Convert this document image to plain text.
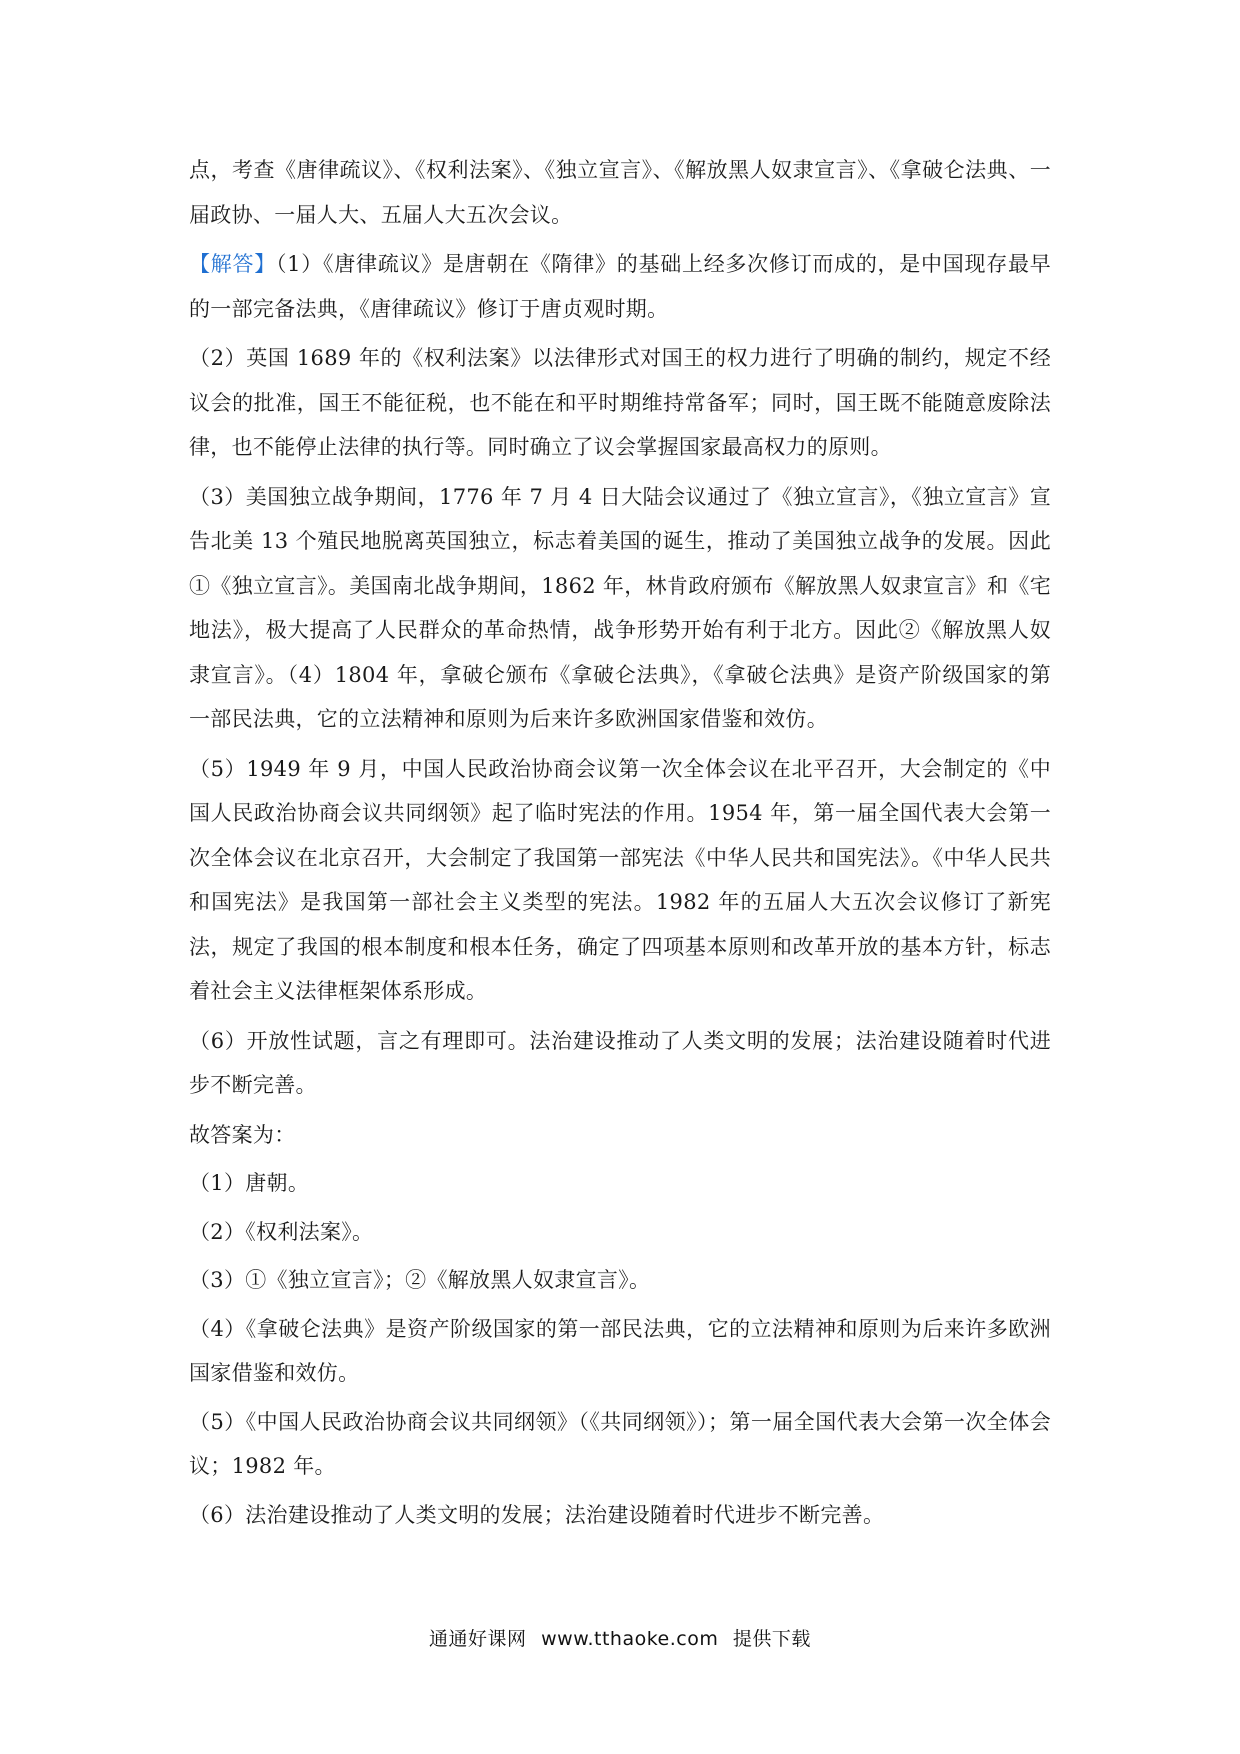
点，考查《唐律疏议》、《权利法案》、《独立宣言》、《解放黑人奴隶宣言》、《拿破仑法典、一届政协、一届人大、五届人大五次会议。

【解答】（1）《唐律疏议》是唐朝在《隋律》的基础上经多次修订而成的，是中国现存最早的一部完备法典，《唐律疏议》修订于唐贞观时期。

（2）英国 1689 年的《权利法案》以法律形式对国王的权力进行了明确的制约，规定不经议会的批准，国王不能征税，也不能在和平时期维持常备军；同时，国王既不能随意废除法律，也不能停止法律的执行等。同时确立了议会掌握国家最高权力的原则。

（3）美国独立战争期间，1776 年 7 月 4 日大陆会议通过了《独立宣言》，《独立宣言》宣告北美 13 个殖民地脱离英国独立，标志着美国的诞生，推动了美国独立战争的发展。因此①《独立宣言》。美国南北战争期间，1862 年，林肯政府颁布《解放黑人奴隶宣言》和《宅地法》，极大提高了人民群众的革命热情，战争形势开始有利于北方。因此②《解放黑人奴隶宣言》。（4）1804 年，拿破仑颁布《拿破仑法典》，《拿破仑法典》是资产阶级国家的第一部民法典，它的立法精神和原则为后来许多欧洲国家借鉴和效仿。

（5）1949 年 9 月，中国人民政治协商会议第一次全体会议在北平召开，大会制定的《中国人民政治协商会议共同纲领》起了临时宪法的作用。1954 年，第一届全国代表大会第一次全体会议在北京召开，大会制定了我国第一部宪法《中华人民共和国宪法》。《中华人民共和国宪法》是我国第一部社会主义类型的宪法。1982 年的五届人大五次会议修订了新宪法，规定了我国的根本制度和根本任务，确定了四项基本原则和改革开放的基本方针，标志着社会主义法律框架体系形成。

（6）开放性试题，言之有理即可。法治建设推动了人类文明的发展；法治建设随着时代进步不断完善。

故答案为：

（1）唐朝。

（2）《权利法案》。

（3）①《独立宣言》；②《解放黑人奴隶宣言》。

（4）《拿破仑法典》是资产阶级国家的第一部民法典，它的立法精神和原则为后来许多欧洲国家借鉴和效仿。

（5）《中国人民政治协商会议共同纲领》（《共同纲领》）；第一届全国代表大会第一次全体会议；1982 年。

（6）法治建设推动了人类文明的发展；法治建设随着时代进步不断完善。

通通好课网 www.tthaoke.com 提供下载
